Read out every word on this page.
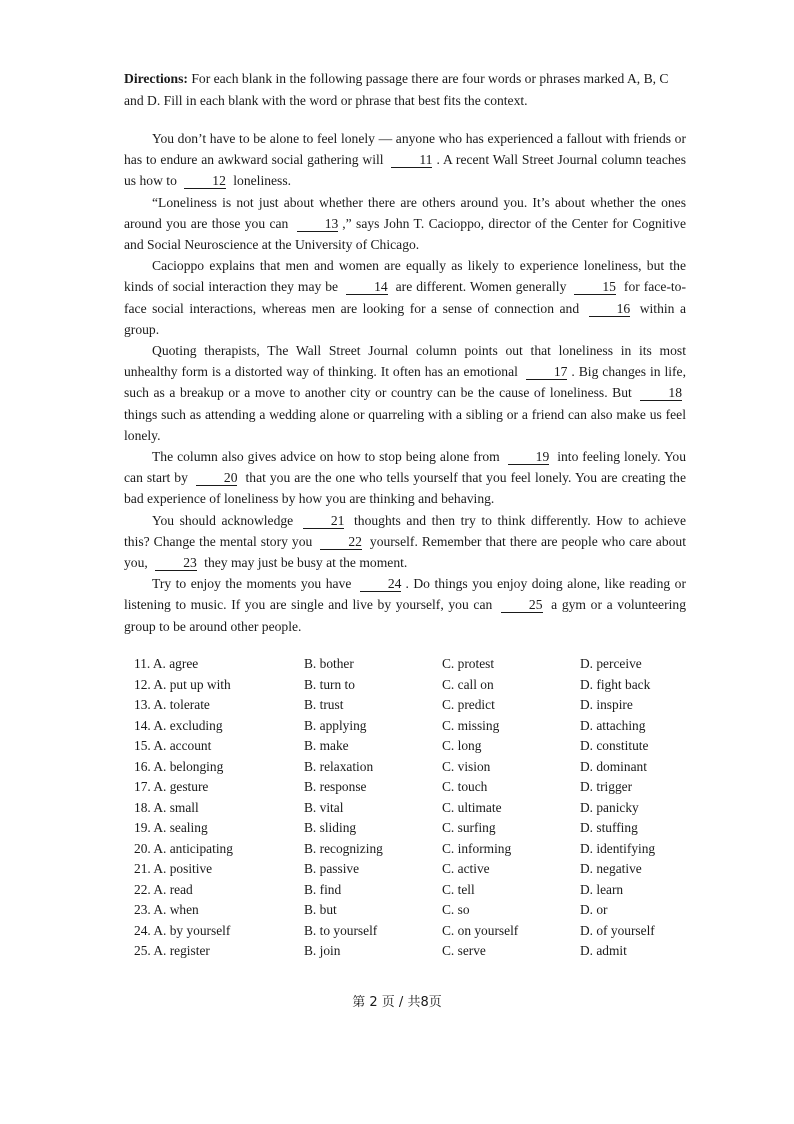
Directions: For each blank in the following passage there are four words or phrases marked A, B, C and D. Fill in each blank with the word or phrase that best fits the context.

You don’t have to be alone to feel lonely — anyone who has experienced a fallout with friends or has to endure an awkward social gathering will 11 . A recent Wall Street Journal column teaches us how to 12 loneliness.

“Loneliness is not just about whether there are others around you. It’s about whether the ones around you are those you can 13 ,” says John T. Cacioppo, director of the Center for Cognitive and Social Neuroscience at the University of Chicago.

Cacioppo explains that men and women are equally as likely to experience loneliness, but the kinds of social interaction they may be 14 are different. Women generally 15 for face-to-face social interactions, whereas men are looking for a sense of connection and 16 within a group.

Quoting therapists, The Wall Street Journal column points out that loneliness in its most unhealthy form is a distorted way of thinking. It often has an emotional 17 . Big changes in life, such as a breakup or a move to another city or country can be the cause of loneliness. But 18 things such as attending a wedding alone or quarreling with a sibling or a friend can also make us feel lonely.

The column also gives advice on how to stop being alone from 19 into feeling lonely. You can start by 20 that you are the one who tells yourself that you feel lonely. You are creating the bad experience of loneliness by how you are thinking and behaving.

You should acknowledge 21 thoughts and then try to think differently. How to achieve this? Change the mental story you 22 yourself. Remember that there are people who care about you, 23 they may just be busy at the moment.

Try to enjoy the moments you have 24 . Do things you enjoy doing alone, like reading or listening to music. If you are single and live by yourself, you can 25 a gym or a volunteering group to be around other people.

11. A. agree	B. bother	C. protest	D. perceive
12. A. put up with	B. turn to	C. call on	D. fight back
13. A. tolerate	B. trust	C. predict	D. inspire
14. A. excluding	B. applying	C. missing	D. attaching
15. A. account	B. make	C. long	D. constitute
16. A. belonging	B. relaxation	C. vision	D. dominant
17. A. gesture	B. response	C. touch	D. trigger
18. A. small	B. vital	C. ultimate	D. panicky
19. A. sealing	B. sliding	C. surfing	D. stuffing
20. A. anticipating	B. recognizing	C. informing	D. identifying
21. A. positive	B. passive	C. active	D. negative
22. A. read	B. find	C. tell	D. learn
23. A. when	B. but	C. so	D. or
24. A. by yourself	B. to yourself	C. on yourself	D. of yourself
25. A. register	B. join	C. serve	D. admit
第 2 页 / 共8页
